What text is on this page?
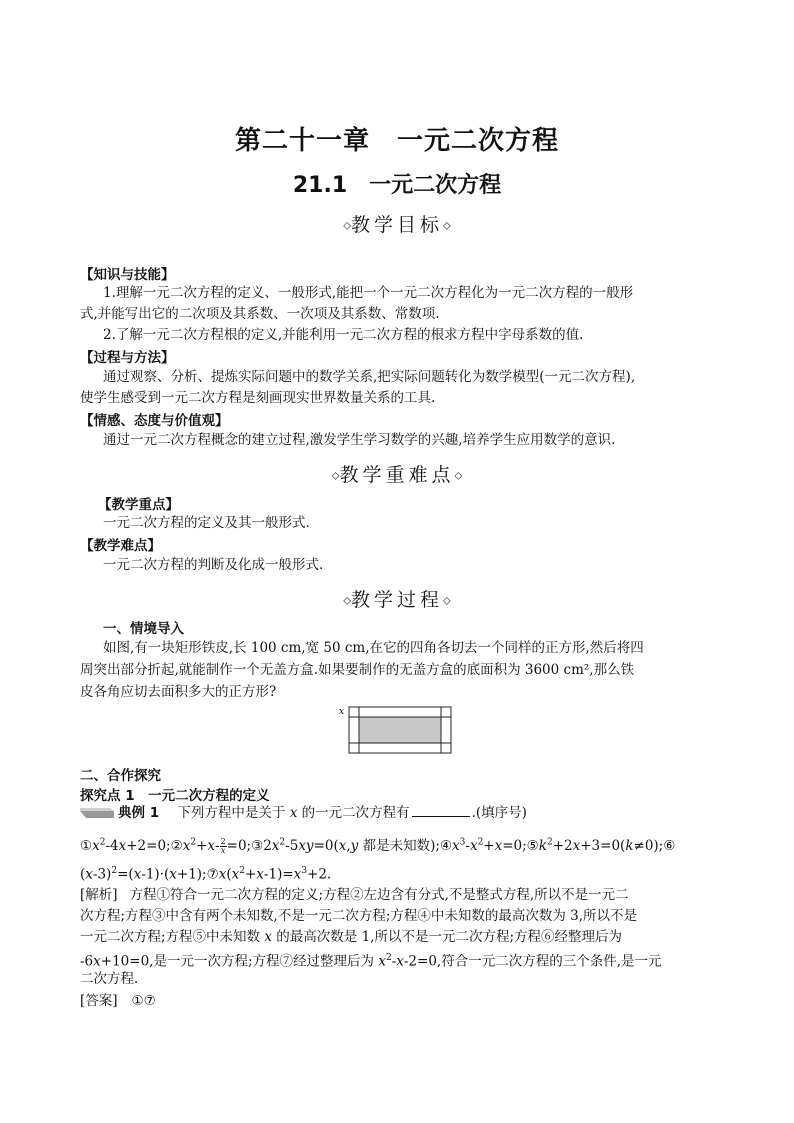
第二十一章　一元二次方程
21.1　一元二次方程
◇教学目标◇
【知识与技能】
1.理解一元二次方程的定义、一般形式,能把一个一元二次方程化为一元二次方程的一般形
式,并能写出它的二次项及其系数、一次项及其系数、常数项.
2.了解一元二次方程根的定义,并能利用一元二次方程的根求方程中字母系数的值.
【过程与方法】
通过观察、分析、提炼实际问题中的数学关系,把实际问题转化为数学模型(一元二次方程),
使学生感受到一元二次方程是刻画现实世界数量关系的工具.
【情感、态度与价值观】
通过一元二次方程概念的建立过程,激发学生学习数学的兴趣,培养学生应用数学的意识.
◇教学重难点◇
【教学重点】
一元二次方程的定义及其一般形式.
【教学难点】
一元二次方程的判断及化成一般形式.
◇教学过程◇
一、情境导入
如图,有一块矩形铁皮,长 100 cm,宽 50 cm,在它的四角各切去一个同样的正方形,然后将四
周突出部分折起,就能制作一个无盖方盒.如果要制作的无盖方盒的底面积为 3600 cm²,那么铁
皮各角应切去面积多大的正方形?
x
二、合作探究
探究点 1　一元二次方程的定义
典例 1 下列方程中是关于 x 的一元二次方程有	.(填序号)
$①x^2-4x+2=0;②x^2+x- \frac{2}{x}$ $=0;③2x^2-5xy=0(x,y$ 都是未知数)$;④x^3-x^2+x=0;⑤k^2+2x+3=0(k\ne 0);⑥$
$(x-3)^2=(x-1)\cdot(x+1);⑦x(x^2+x-1)=x^3+2$.
[解析] 方程①符合一元二次方程的定义;方程②左边含有分式,不是整式方程,所以不是一元二
次方程;方程③中含有两个未知数,不是一元二次方程;方程④中未知数的最高次数为 3,所以不是
一元二次方程;方程⑤中未知数 x 的最高次数是 1,所以不是一元二次方程;方程⑥经整理后为
-6x+10=0,是一元一次方程;方程⑦经过整理后为 $x^2-x-2=0$,符合一元二次方程的三个条件,是一元
二次方程.
[答案] ①⑦
